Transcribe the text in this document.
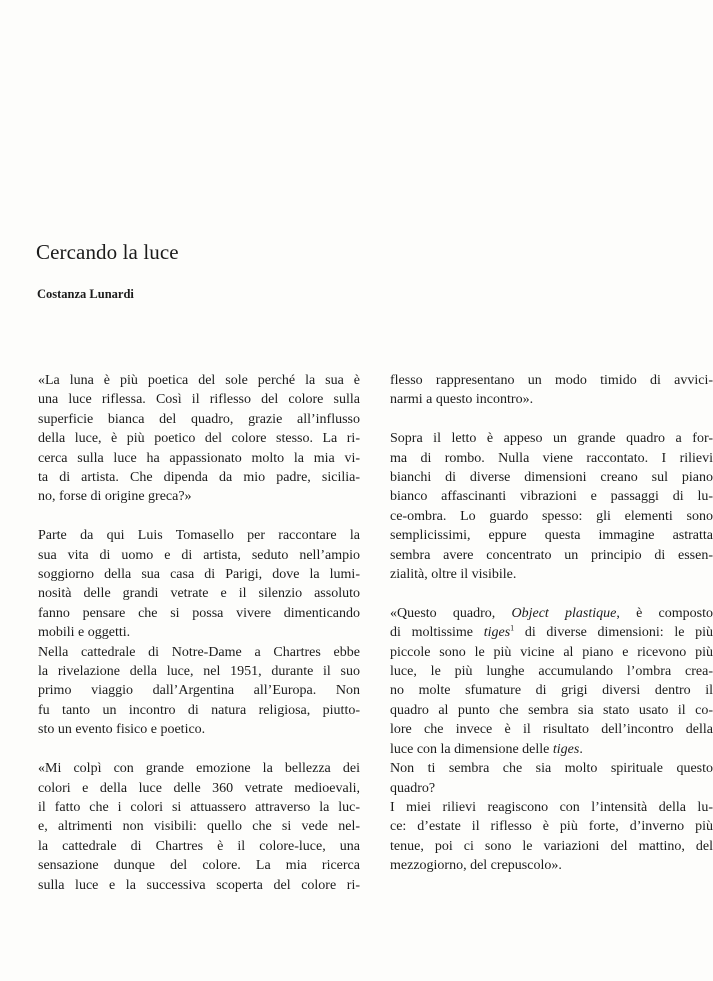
Cercando la luce
Costanza Lunardi
«La luna è più poetica del sole perché la sua è
una luce riflessa. Così il riflesso del colore sulla
superficie bianca del quadro, grazie all’influsso
della luce, è più poetico del colore stesso. La ri-
cerca sulla luce ha appassionato molto la mia vi-
ta di artista. Che dipenda da mio padre, sicilia-
no, forse di origine greca?»
Parte da qui Luis Tomasello per raccontare la
sua vita di uomo e di artista, seduto nell’ampio
soggiorno della sua casa di Parigi, dove la lumi-
nosità delle grandi vetrate e il silenzio assoluto
fanno pensare che si possa vivere dimenticando
mobili e oggetti.
Nella cattedrale di Notre-Dame a Chartres ebbe
la rivelazione della luce, nel 1951, durante il suo
primo viaggio dall’Argentina all’Europa. Non
fu tanto un incontro di natura religiosa, piutto-
sto un evento fisico e poetico.
«Mi colpì con grande emozione la bellezza dei
colori e della luce delle 360 vetrate medioevali,
il fatto che i colori si attuassero attraverso la luc-
e, altrimenti non visibili: quello che si vede nel-
la cattedrale di Chartres è il colore-luce, una
sensazione dunque del colore. La mia ricerca
sulla luce e la successiva scoperta del colore ri-
flesso rappresentano un modo timido di avvici-
narmi a questo incontro».
Sopra il letto è appeso un grande quadro a for-
ma di rombo. Nulla viene raccontato. I rilievi
bianchi di diverse dimensioni creano sul piano
bianco affascinanti vibrazioni e passaggi di lu-
ce-ombra. Lo guardo spesso: gli elementi sono
semplicissimi, eppure questa immagine astratta
sembra avere concentrato un principio di essen-
zialità, oltre il visibile.
«Questo quadro, Object plastique, è composto
di moltissime tiges$^1$ di diverse dimensioni: le più
piccole sono le più vicine al piano e ricevono più
luce, le più lunghe accumulando l’ombra crea-
no molte sfumature di grigi diversi dentro il
quadro al punto che sembra sia stato usato il co-
lore che invece è il risultato dell’incontro della
luce con la dimensione delle tiges.
Non ti sembra che sia molto spirituale questo
quadro?
I miei rilievi reagiscono con l’intensità della lu-
ce: d’estate il riflesso è più forte, d’inverno più
tenue, poi ci sono le variazioni del mattino, del
mezzogiorno, del crepuscolo».
